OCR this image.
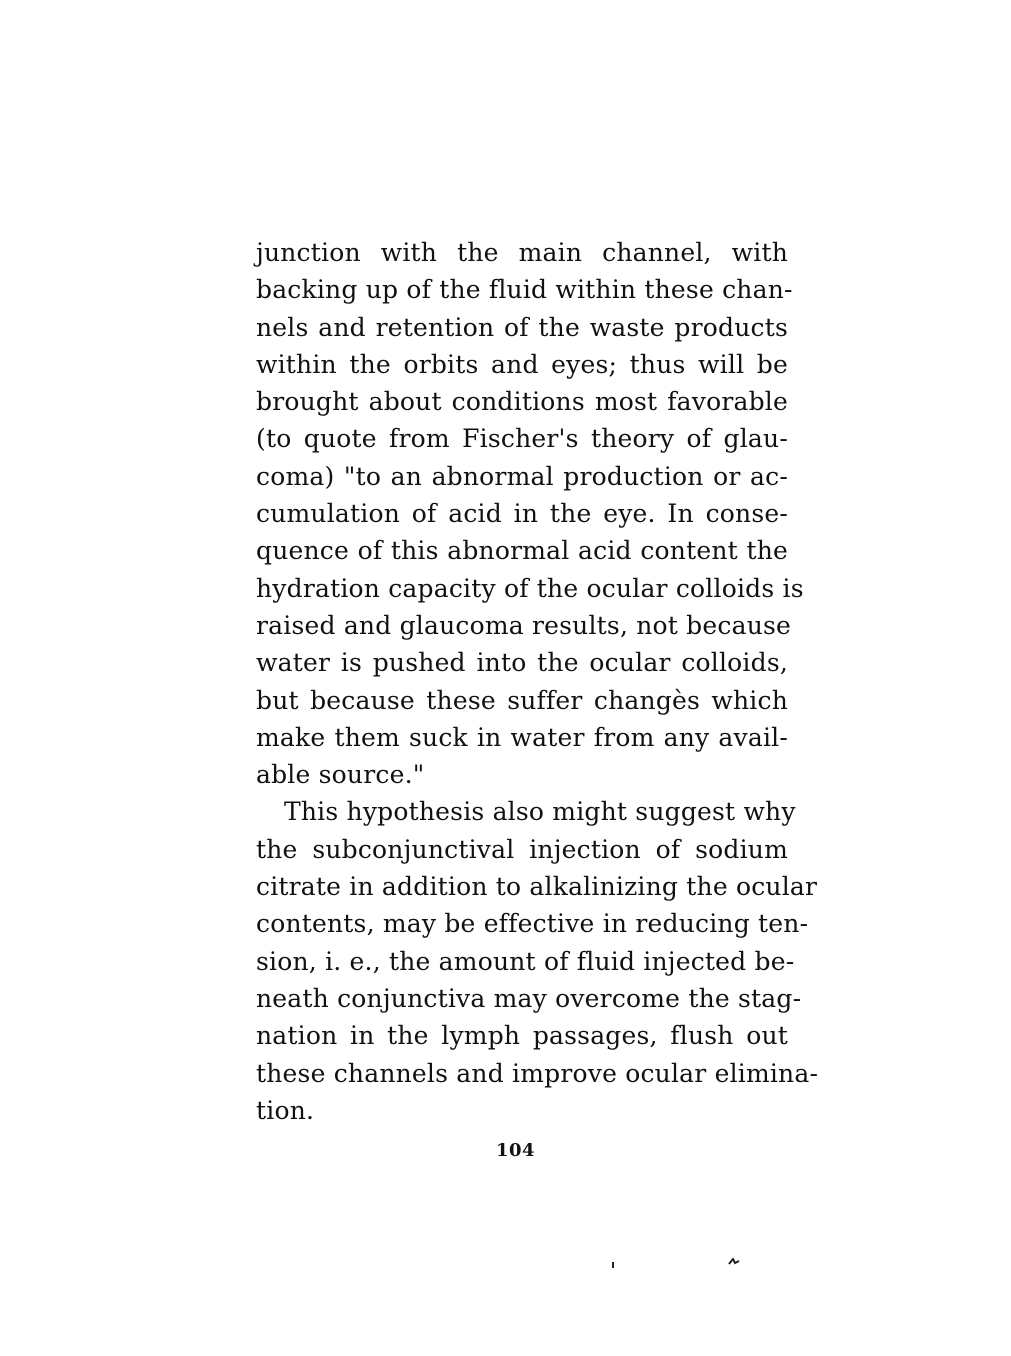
junction with the main channel, with
backing up of the fluid within these chan-
nels and retention of the waste products
within the orbits and eyes; thus will be
brought about conditions most favorable
(to quote from Fischer's theory of glau-
coma) "to an abnormal production or ac-
cumulation of acid in the eye. In conse-
quence of this abnormal acid content the
hydration capacity of the ocular colloids is
raised and glaucoma results, not because
water is pushed into the ocular colloids,
but because these suffer changès which
make them suck in water from any avail-
able source."
This hypothesis also might suggest why
the subconjunctival injection of sodium
citrate in addition to alkalinizing the ocular
contents, may be effective in reducing ten-
sion, i. e., the amount of fluid injected be-
neath conjunctiva may overcome the stag-
nation in the lymph passages, flush out
these channels and improve ocular elimina-
tion.
104
